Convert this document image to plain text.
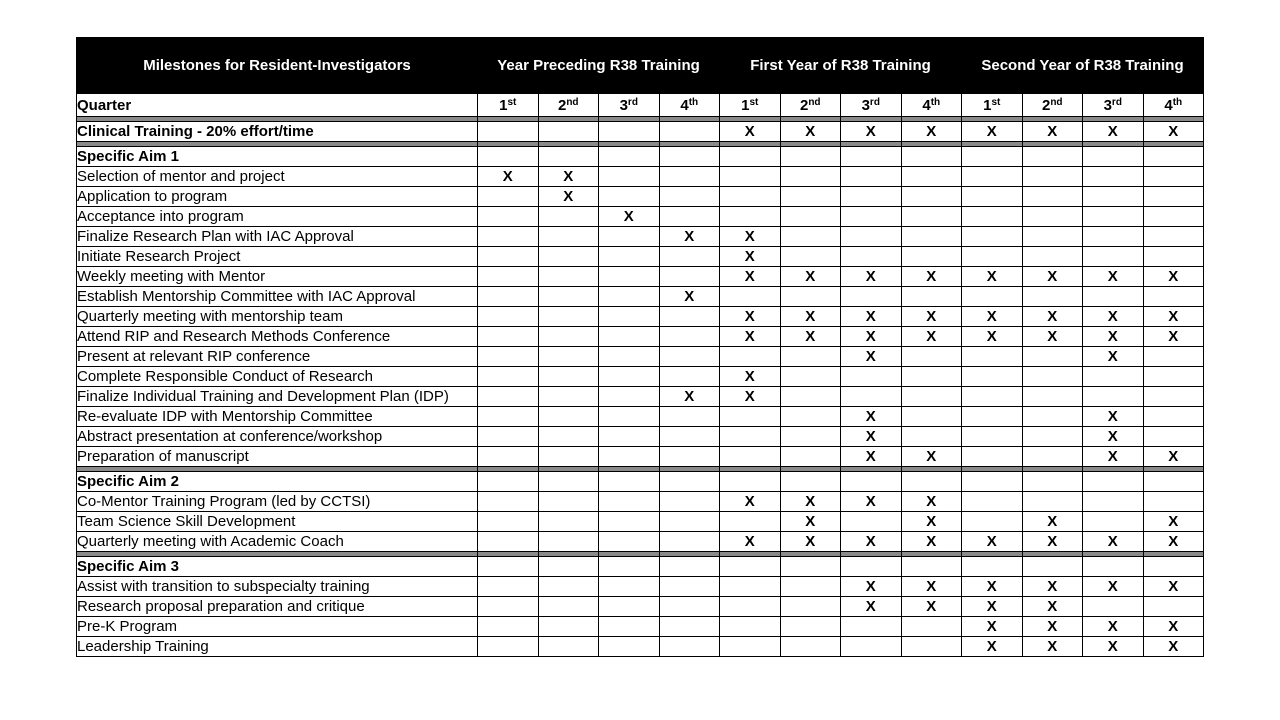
Milestones for Resident-Investigators	Year Preceding R38 Training				First Year of R38 Training				Second Year of R38 Training			
Quarter	1st	2nd	3rd	4th	1st	2nd	3rd	4th	1st	2nd	3rd	4th

Clinical Training - 20% effort/time					X	X	X	X	X	X	X	X

Specific Aim 1												
Selection of mentor and project	X	X										
Application to program		X										
Acceptance into program			X									
Finalize Research Plan with IAC Approval				X	X							
Initiate Research Project					X							
Weekly meeting with Mentor					X	X	X	X	X	X	X	X
Establish Mentorship Committee with IAC Approval				X								
Quarterly meeting with mentorship team					X	X	X	X	X	X	X	X
Attend RIP and Research Methods Conference					X	X	X	X	X	X	X	X
Present at relevant RIP conference							X				X	
Complete Responsible Conduct of Research					X							
Finalize Individual Training and Development Plan (IDP)				X	X							
Re-evaluate IDP with Mentorship Committee							X				X	
Abstract presentation at conference/workshop							X				X	
Preparation of manuscript							X	X			X	X

Specific Aim 2												
Co-Mentor Training Program (led by CCTSI)					X	X	X	X				
Team Science Skill Development						X		X		X		X
Quarterly meeting with Academic Coach					X	X	X	X	X	X	X	X

Specific Aim 3												
Assist with transition to subspecialty training							X	X	X	X	X	X
Research proposal preparation and critique							X	X	X	X		
Pre-K Program									X	X	X	X
Leadership Training									X	X	X	X
